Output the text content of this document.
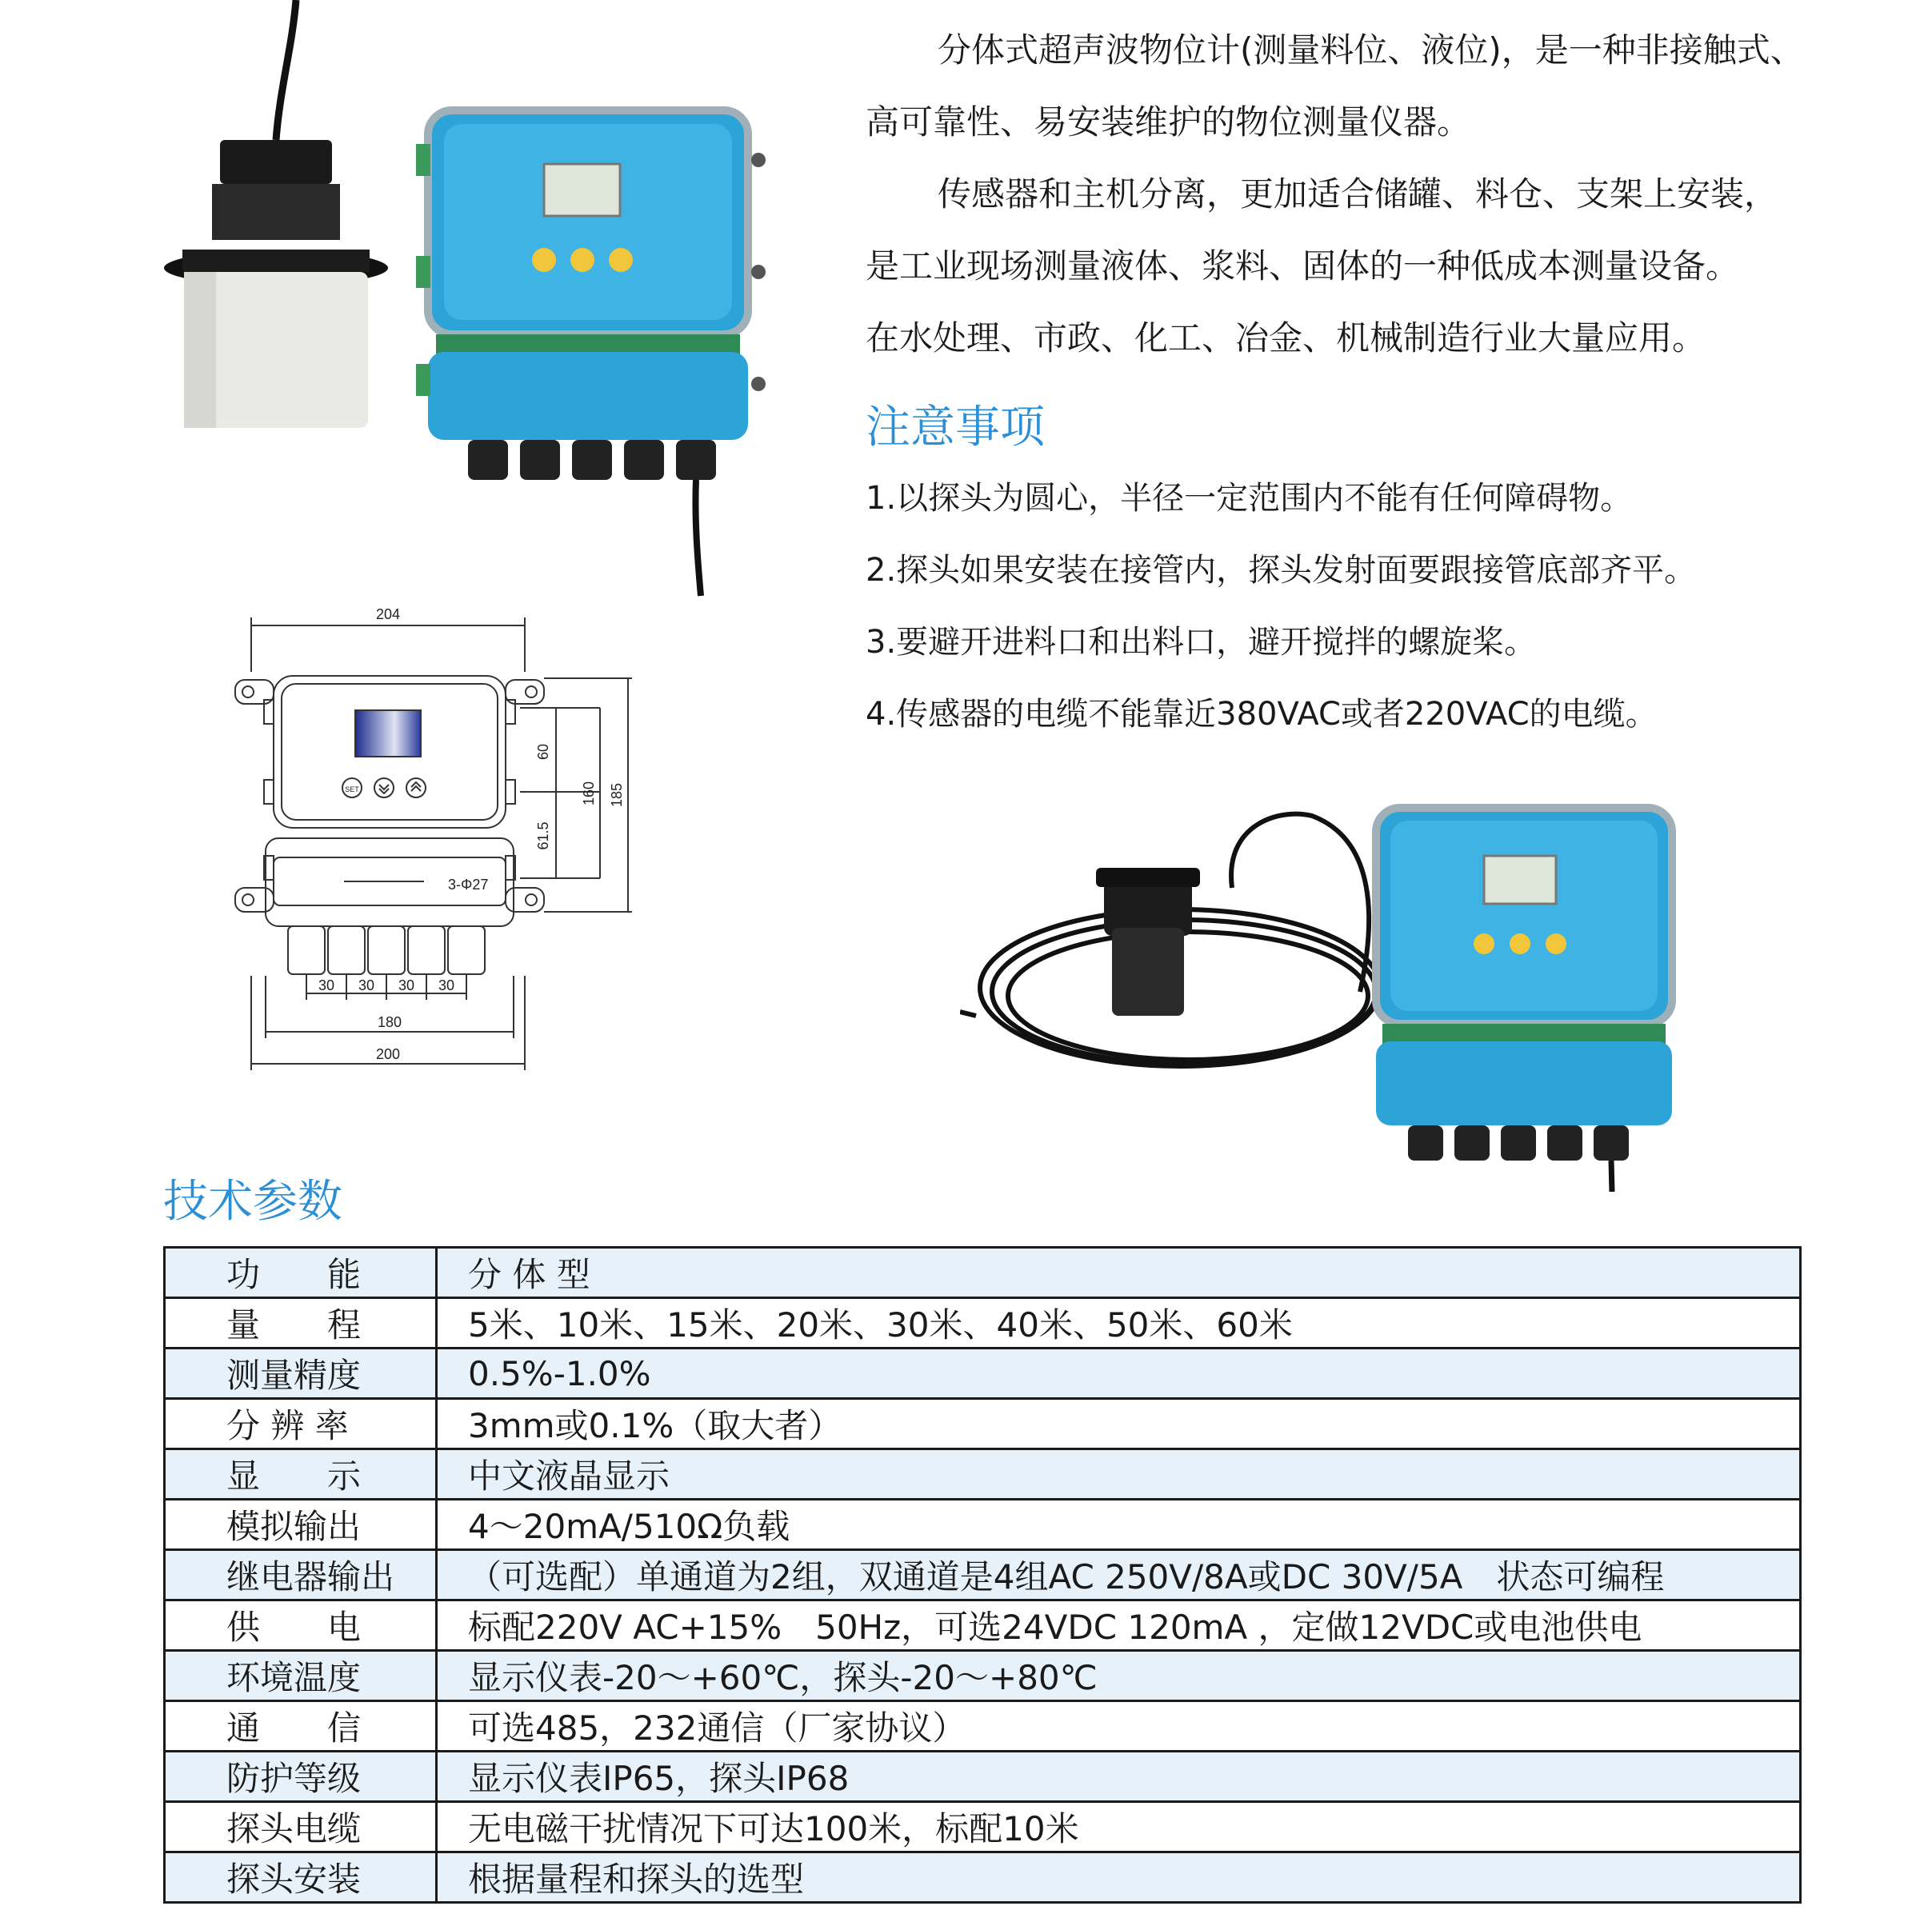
分体式超声波物位计(测量料位、液位)，是一种非接触式、

高可靠性、易安装维护的物位测量仪器。

传感器和主机分离，更加适合储罐、料仓、支架上安装，

是工业现场测量液体、浆料、固体的一种低成本测量设备。

在水处理、市政、化工、冶金、机械制造行业大量应用。

注意事项
1.以探头为圆心，半径一定范围内不能有任何障碍物。
2.探头如果安装在接管内，探头发射面要跟接管底部齐平。
3.要避开进料口和出料口，避开搅拌的螺旋桨。
4.传感器的电缆不能靠近380VAC或者220VAC的电缆。
SET
204
60
61.5
160 185
3-Φ27
30 30 30 30
180
200
技术参数
功　　能	分 体 型
量　　程	5米、10米、15米、20米、30米、40米、50米、60米
测量精度	0.5%-1.0%
分 辨 率	3mm或0.1%（取大者）
显　　示	中文液晶显示
模拟输出	4～20mA/510Ω负载
继电器输出	（可选配）单通道为2组，双通道是4组AC 250V/8A或DC 30V/5A　状态可编程
供　　电	标配220V AC+15%　50Hz，可选24VDC 120mA ，定做12VDC或电池供电
环境温度	显示仪表-20～+60℃，探头-20～+80℃
通　　信	可选485，232通信（厂家协议）
防护等级	显示仪表IP65，探头IP68
探头电缆	无电磁干扰情况下可达100米，标配10米
探头安装	根据量程和探头的选型
